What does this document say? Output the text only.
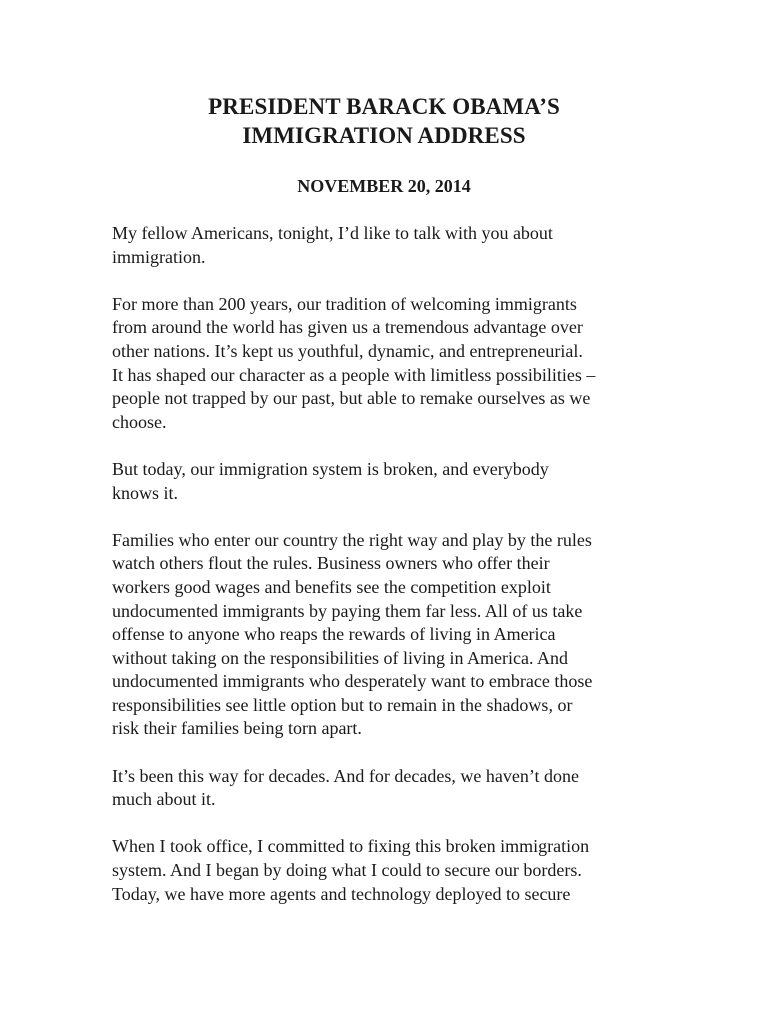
PRESIDENT BARACK OBAMA’S
IMMIGRATION ADDRESS
NOVEMBER 20, 2014

My fellow Americans, tonight, I’d like to talk with you about
immigration.

For more than 200 years, our tradition of welcoming immigrants
from around the world has given us a tremendous advantage over
other nations. It’s kept us youthful, dynamic, and entrepreneurial.
It has shaped our character as a people with limitless possibilities –
people not trapped by our past, but able to remake ourselves as we
choose.

But today, our immigration system is broken, and everybody
knows it.

Families who enter our country the right way and play by the rules
watch others flout the rules. Business owners who offer their
workers good wages and benefits see the competition exploit
undocumented immigrants by paying them far less. All of us take
offense to anyone who reaps the rewards of living in America
without taking on the responsibilities of living in America. And
undocumented immigrants who desperately want to embrace those
responsibilities see little option but to remain in the shadows, or
risk their families being torn apart.

It’s been this way for decades. And for decades, we haven’t done
much about it.

When I took office, I committed to fixing this broken immigration
system. And I began by doing what I could to secure our borders.
Today, we have more agents and technology deployed to secure
